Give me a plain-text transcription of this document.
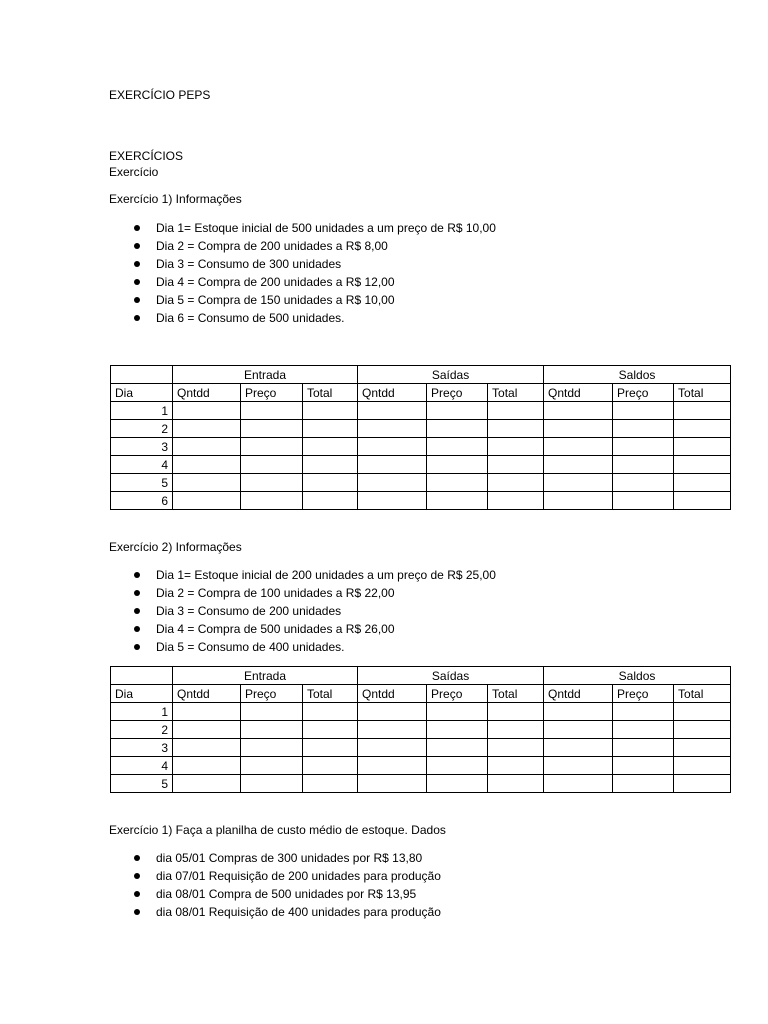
EXERCÍCIO PEPS
EXERCÍCIOS
Exercício
Exercício 1) Informações
Dia 1= Estoque inicial de 500 unidades a um preço de R$ 10,00
Dia 2 = Compra de 200 unidades a R$ 8,00
Dia 3 = Consumo de 300 unidades
Dia 4 = Compra de 200 unidades a R$ 12,00
Dia 5 = Compra de 150 unidades a R$ 10,00
Dia 6 = Consumo de 500 unidades.
	Entrada			Saídas			Saldos		
Dia	Qntdd	Preço	Total	Qntdd	Preço	Total	Qntdd	Preço	Total
1									
2									
3									
4									
5									
6									
Exercício 2) Informações
Dia 1= Estoque inicial de 200 unidades a um preço de R$ 25,00
Dia 2 = Compra de 100 unidades a R$ 22,00
Dia 3 = Consumo de 200 unidades
Dia 4 = Compra de 500 unidades a R$ 26,00
Dia 5 = Consumo de 400 unidades.
	Entrada			Saídas			Saldos		
Dia	Qntdd	Preço	Total	Qntdd	Preço	Total	Qntdd	Preço	Total
1									
2									
3									
4									
5									
Exercício 1) Faça a planilha de custo médio de estoque. Dados
dia 05/01 Compras de 300 unidades por R$ 13,80
dia 07/01 Requisição de 200 unidades para produção
dia 08/01 Compra de 500 unidades por R$ 13,95
dia 08/01 Requisição de 400 unidades para produção
